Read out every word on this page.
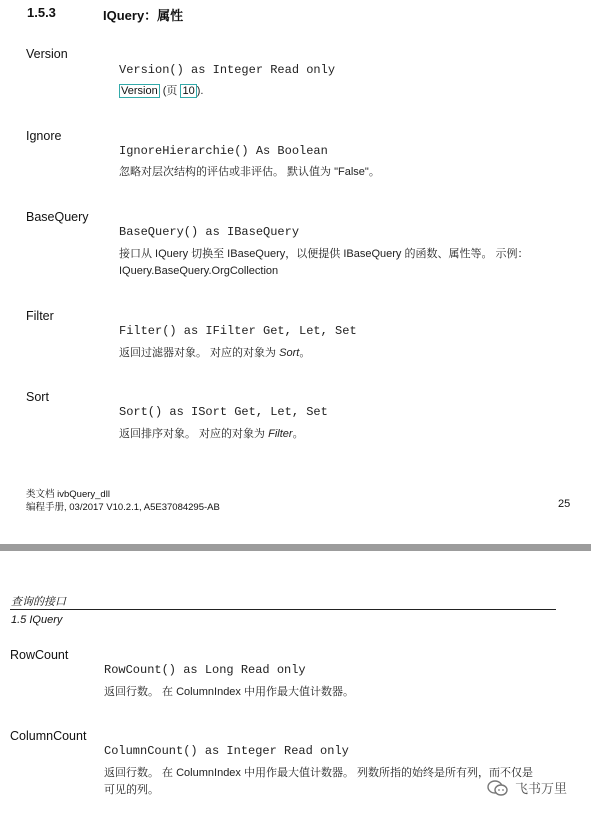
1.5.3	IQuery：属性
Version
Version() as Integer Read only
Version (页 10 ).
Ignore
IgnoreHierarchie() As Boolean
忽略对层次结构的评估或非评估。 默认值为 "False"。
BaseQuery
BaseQuery() as IBaseQuery
接口从 IQuery 切换至 IBaseQuery，以便提供 IBaseQuery 的函数、属性等。 示例：
IQuery.BaseQuery.OrgCollection
Filter
Filter() as IFilter Get, Let, Set
返回过滤器对象。 对应的对象为 Sort。
Sort
Sort() as ISort Get, Let, Set
返回排序对象。 对应的对象为 Filter。
类文档 ivbQuery_dll
编程手册, 03/2017 V10.2.1, A5E37084295-AB	25
查询的接口
1.5 IQuery
RowCount
RowCount() as Long Read only
返回行数。 在 ColumnIndex 中用作最大值计数器。
ColumnCount
ColumnCount() as Integer Read only
返回行数。 在 ColumnIndex 中用作最大值计数器。 列数所指的始终是所有列，而不仅是
可见的列。	飞书万里
